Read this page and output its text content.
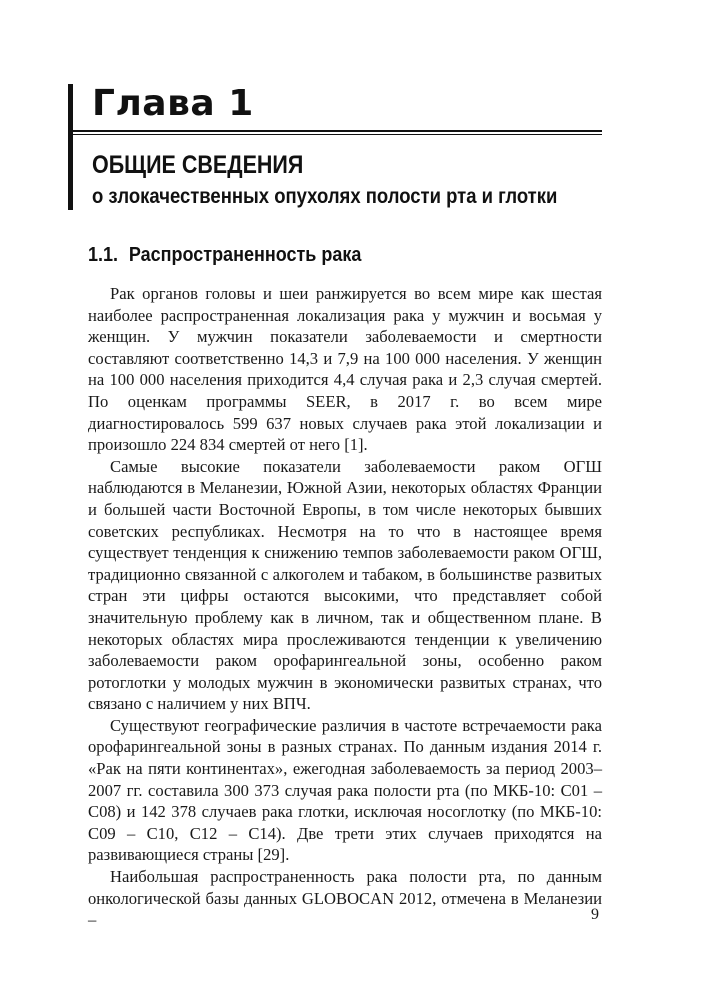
Глава 1
ОБЩИЕ СВЕДЕНИЯ
о злокачественных опухолях полости рта и глотки
1.1. Распространенность рака

Рак органов головы и шеи ранжируется во всем мире как шестая наиболее распространенная локализация рака у мужчин и восьмая у женщин. У мужчин показатели заболеваемости и смертности составляют соответственно 14,3 и 7,9 на 100 000 населения. У женщин на 100 000 населения приходится 4,4 случая рака и 2,3 случая смертей. По оценкам программы SEER, в 2017 г. во всем мире диагностировалось 599 637 новых случаев рака этой локализации и произошло 224 834 смертей от него [1].

Самые высокие показатели заболеваемости раком ОГШ наблюдаются в Меланезии, Южной Азии, некоторых областях Франции и большей части Восточной Европы, в том числе некоторых бывших советских республиках. Несмотря на то что в настоящее время существует тенденция к снижению темпов заболеваемости раком ОГШ, традиционно связанной с алкоголем и табаком, в большинстве развитых стран эти цифры остаются высокими, что представляет собой значительную проблему как в личном, так и общественном плане. В некоторых областях мира прослеживаются тенденции к увеличению заболеваемости раком орофарингеальной зоны, особенно раком ротоглотки у молодых мужчин в экономически развитых странах, что связано с наличием у них ВПЧ.

Существуют географические различия в частоте встречаемости рака орофарингеальной зоны в разных странах. По данным издания 2014 г. «Рак на пяти континентах», ежегодная заболеваемость за период 2003–2007 гг. составила 300 373 случая рака полости рта (по МКБ-10: C01 – C08) и 142 378 случаев рака глотки, исключая носоглотку (по МКБ-10: C09 – C10, C12 – C14). Две трети этих случаев приходятся на развивающиеся страны [29].

Наибольшая распространенность рака полости рта, по данным онкологической базы данных GLOBOCAN 2012, отмечена в Меланезии –	9
